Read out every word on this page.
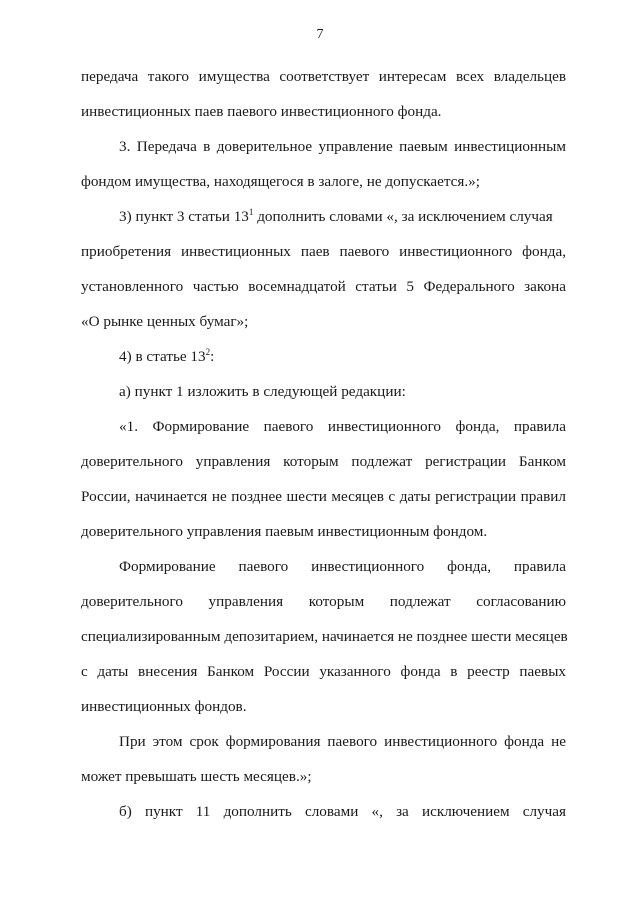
7
передача такого имущества соответствует интересам всех владельцев
инвестиционных паев паевого инвестиционного фонда.
3. Передача в доверительное управление паевым инвестиционным
фондом имущества, находящегося в залоге, не допускается.»;
3) пункт 3 статьи $13^1$ дополнить словами «, за исключением случая
приобретения инвестиционных паев паевого инвестиционного фонда,
установленного частью восемнадцатой статьи 5 Федерального закона
«О рынке ценных бумаг»;
4) в статье $13^2$:
а) пункт 1 изложить в следующей редакции:
«1. Формирование паевого инвестиционного фонда, правила
доверительного управления которым подлежат регистрации Банком
России, начинается не позднее шести месяцев с даты регистрации правил
доверительного управления паевым инвестиционным фондом.
Формирование паевого инвестиционного фонда, правила
доверительного управления которым подлежат согласованию
специализированным депозитарием, начинается не позднее шести месяцев
с даты внесения Банком России указанного фонда в реестр паевых
инвестиционных фондов.
При этом срок формирования паевого инвестиционного фонда не
может превышать шесть месяцев.»;
б) пункт 11 дополнить словами «, за исключением случая
